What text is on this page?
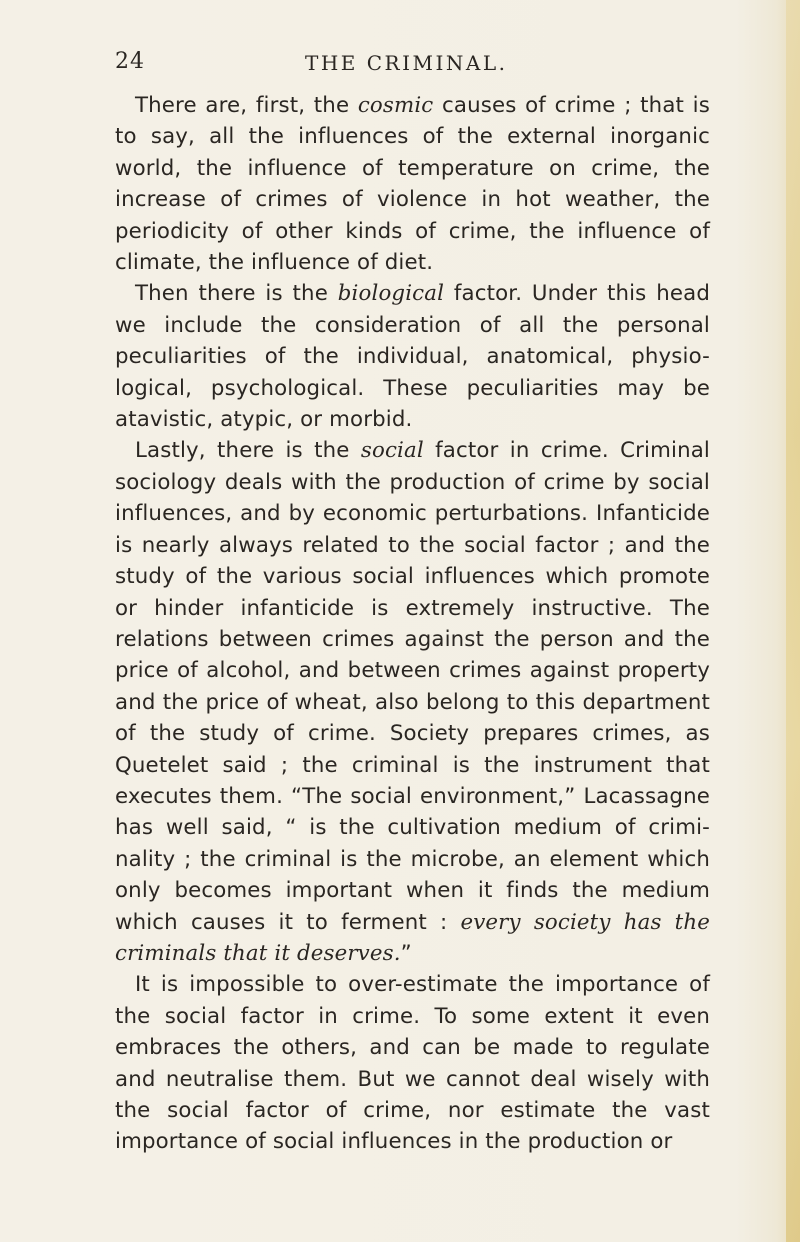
24	THE CRIMINAL.

There are, first, the cosmic causes of crime ; that is to say, all the influences of the external inorganic world, the influence of temperature on crime, the increase of crimes of violence in hot weather, the periodicity of other kinds of crime, the influence of climate, the influence of diet.

Then there is the biological factor. Under this head we include the consideration of all the personal peculiarities of the individual, anatomical, physio-logical, psychological. These peculiarities may be atavistic, atypic, or morbid.

Lastly, there is the social factor in crime. Criminal sociology deals with the production of crime by social influences, and by economic perturbations. Infanticide is nearly always related to the social factor ; and the study of the various social influences which promote or hinder infanticide is extremely instructive. The relations between crimes against the person and the price of alcohol, and between crimes against property and the price of wheat, also belong to this department of the study of crime. Society prepares crimes, as Quetelet said ; the criminal is the instrument that executes them. “The social environment,” Lacassagne has well said, “ is the cultivation medium of crimi-nality ; the criminal is the microbe, an element which only becomes important when it finds the medium which causes it to ferment : every society has the criminals that it deserves.”

It is impossible to over-estimate the importance of the social factor in crime. To some extent it even embraces the others, and can be made to regulate and neutralise them. But we cannot deal wisely with the social factor of crime, nor estimate the vast importance of social influences in the production or
